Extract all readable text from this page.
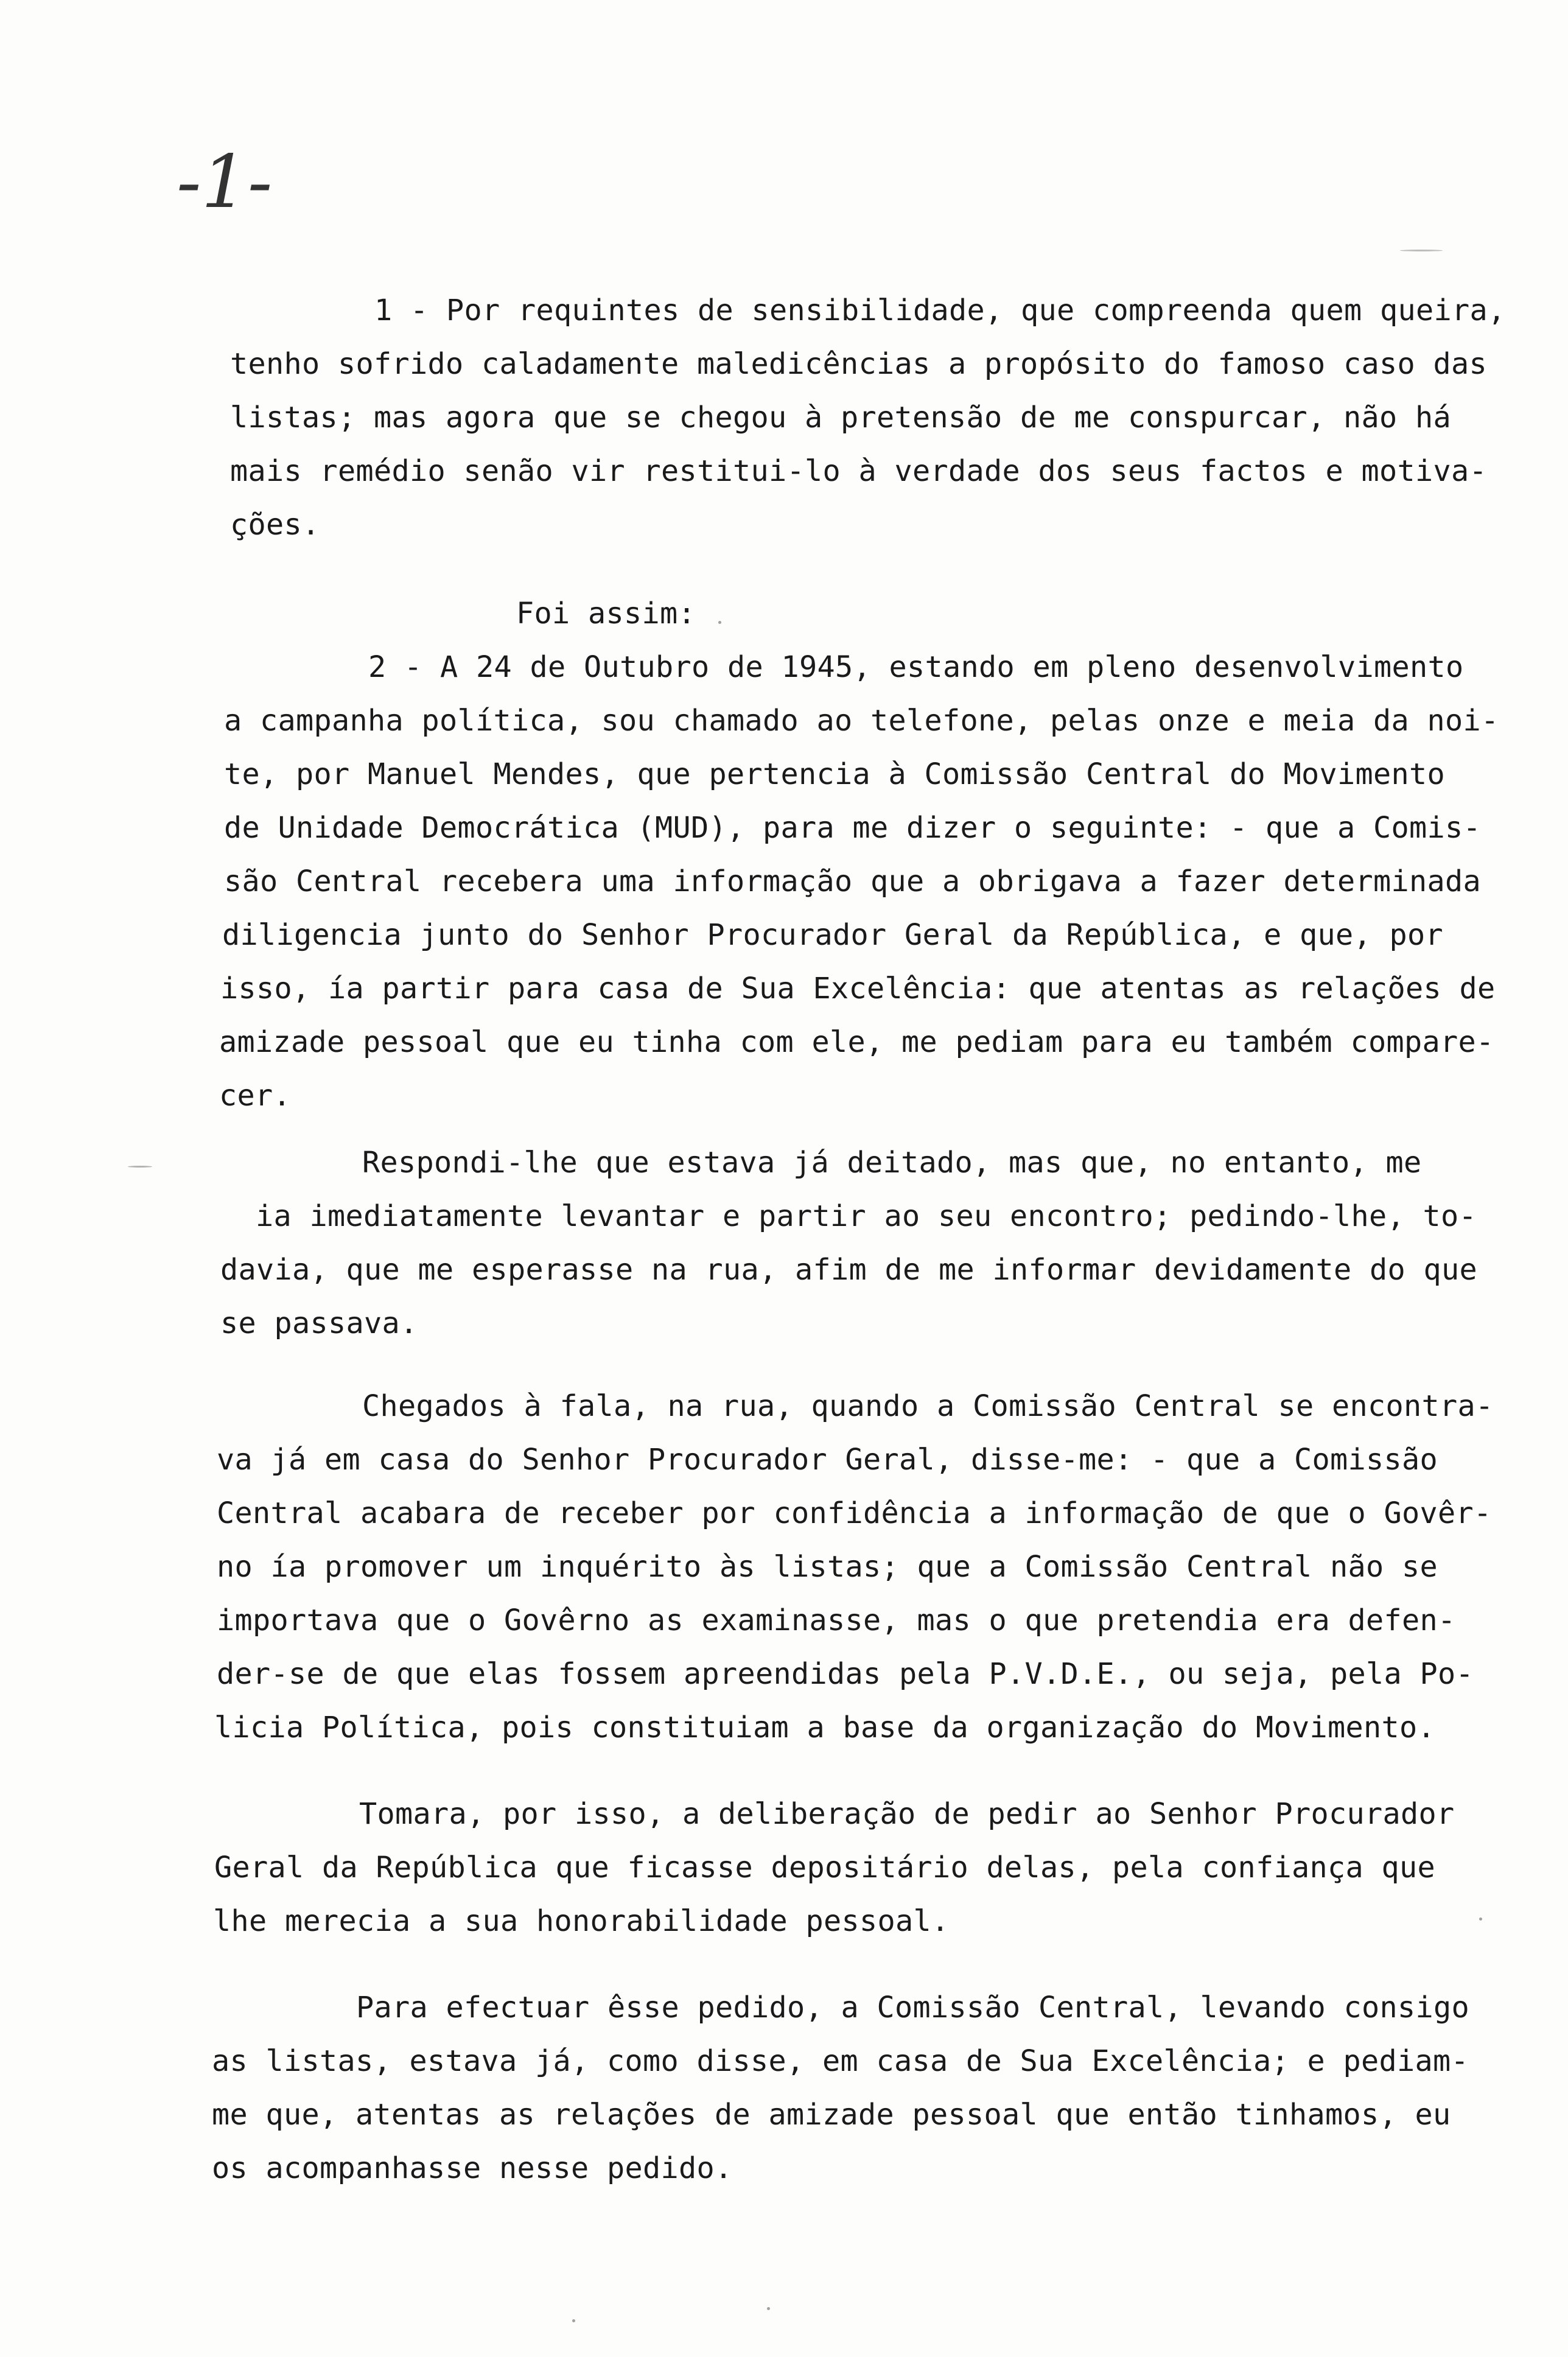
-1-
1 - Por requintes de sensibilidade, que compreenda quem queira,
tenho sofrido caladamente maledicências a propósito do famoso caso das
listas; mas agora que se chegou à pretensão de me conspurcar, não há
mais remédio senão vir restitui-lo à verdade dos seus factos e motiva-
ções.
Foi assim:
2 - A 24 de Outubro de 1945, estando em pleno desenvolvimento
a campanha política, sou chamado ao telefone, pelas onze e meia da noi-
te, por Manuel Mendes, que pertencia à Comissão Central do Movimento
de Unidade Democrática (MUD), para me dizer o seguinte: - que a Comis-
são Central recebera uma informação que a obrigava a fazer determinada
diligencia junto do Senhor Procurador Geral da República, e que, por
isso, ía partir para casa de Sua Excelência: que atentas as relações de
amizade pessoal que eu tinha com ele, me pediam para eu também compare-
cer.
Respondi-lhe que estava já deitado, mas que, no entanto, me
ia imediatamente levantar e partir ao seu encontro; pedindo-lhe, to-
davia, que me esperasse na rua, afim de me informar devidamente do que
se passava.
Chegados à fala, na rua, quando a Comissão Central se encontra-
va já em casa do Senhor Procurador Geral, disse-me: - que a Comissão
Central acabara de receber por confidência a informação de que o Govêr-
no ía promover um inquérito às listas; que a Comissão Central não se
importava que o Govêrno as examinasse, mas o que pretendia era defen-
der-se de que elas fossem apreendidas pela P.V.D.E., ou seja, pela Po-
licia Política, pois constituiam a base da organização do Movimento.
Tomara, por isso, a deliberação de pedir ao Senhor Procurador
Geral da República que ficasse depositário delas, pela confiança que
lhe merecia a sua honorabilidade pessoal.
Para efectuar êsse pedido, a Comissão Central, levando consigo
as listas, estava já, como disse, em casa de Sua Excelência; e pediam-
me que, atentas as relações de amizade pessoal que então tinhamos, eu
os acompanhasse nesse pedido.
